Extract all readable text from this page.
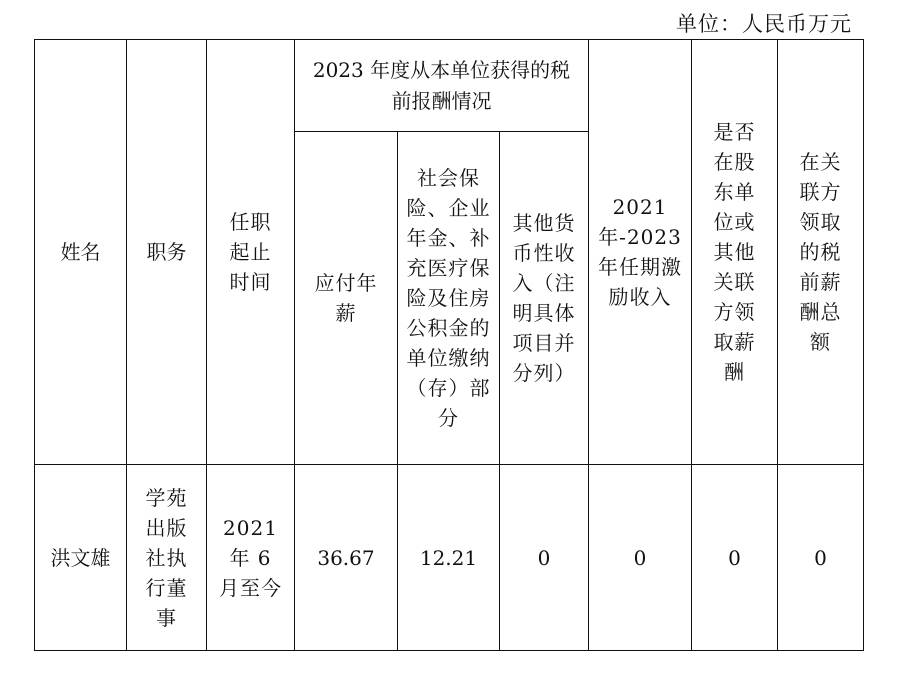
单位：人民币万元
姓名	职务	任职起止时间	2023 年度从本单位获得的税前报酬情况			2021 年-2023 年任期激励收入	是否在股东单位或其他关联方领取薪酬	在关联方领取的税前薪酬总额
			应付年薪	社会保险、企业年金、补充医疗保险及住房公积金的单位缴纳（存）部分	其他货币性收入（注明具体项目并分列）			
洪文雄	学苑出版社执行董事	2021 年 6 月至今	36.67	12.21	0	0	0	0
